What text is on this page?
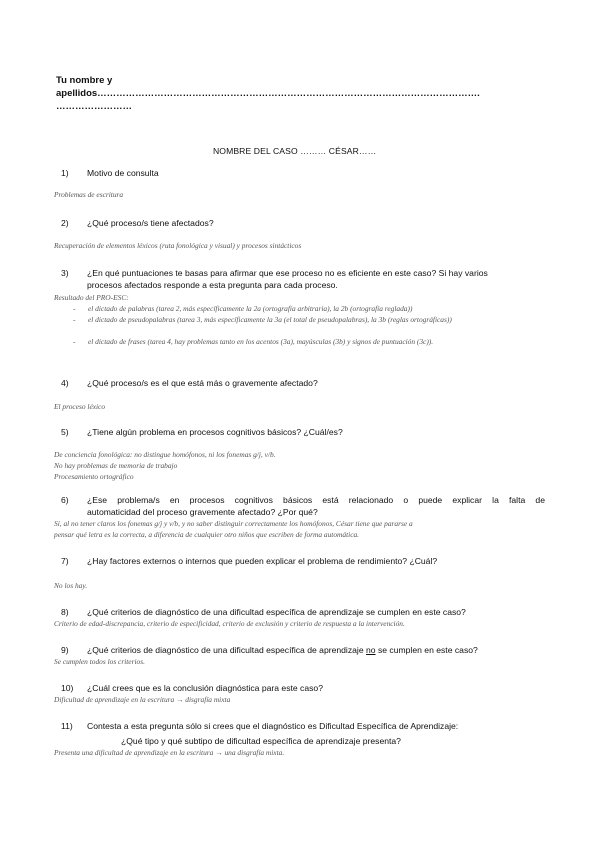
Tu nombre y
apellidos………………………………………………………………………………………………………….
……………………
NOMBRE DEL CASO ……… CÉSAR……
1) Motivo de consulta
Problemas de escritura
2) ¿Qué proceso/s tiene afectados?
Recuperación de elementos léxicos (ruta fonológica y visual) y procesos sintácticos
3) ¿En qué puntuaciones te basas para afirmar que ese proceso no es eficiente en este caso? Si hay varios
procesos afectados responde a esta pregunta para cada proceso.
Resultado del PRO-ESC:
- el dictado de palabras (tarea 2, más específicamente la 2a (ortografía arbitraria), la 2b (ortografía reglada))
- el dictado de pseudopalabras (tarea 3, más específicamente la 3a (el total de pseudopalabras), la 3b (reglas ortográficas))
- el dictado de frases (tarea 4, hay problemas tanto en los acentos (3a), mayúsculas (3b) y signos de puntuación (3c)).
4) ¿Qué proceso/s es el que está más o gravemente afectado?
El proceso léxico
5) ¿Tiene algún problema en procesos cognitivos básicos? ¿Cuál/es?
De conciencia fonológica: no distingue homófonos, ni los fonemas g/j, v/b.
No hay problemas de memoria de trabajo
Procesamiento ortográfico
6) ¿Ese problema/s en procesos cognitivos básicos está relacionado o puede explicar la falta de
automaticidad del proceso gravemente afectado? ¿Por qué?
Sí, al no tener claros los fonemas g/j y v/b, y no saber distinguir correctamente los homófonos, César tiene que pararse a
pensar qué letra es la correcta, a diferencia de cualquier otro niños que escriben de forma automática.
7) ¿Hay factores externos o internos que pueden explicar el problema de rendimiento? ¿Cuál?
No los hay.
8) ¿Qué criterios de diagnóstico de una dificultad específica de aprendizaje se cumplen en este caso?
Criterio de edad-discrepancia, criterio de especificidad, criterio de exclusión y criterio de respuesta a la intervención.
9) ¿Qué criterios de diagnóstico de una dificultad específica de aprendizaje no se cumplen en este caso?
Se cumplen todos los criterios.
10) ¿Cuál crees que es la conclusión diagnóstica para este caso?
Dificultad de aprendizaje en la escritura → disgrafía mixta
11) Contesta a esta pregunta sólo si crees que el diagnóstico es Dificultad Específica de Aprendizaje:
¿Qué tipo y qué subtipo de dificultad específica de aprendizaje presenta?
Presenta una dificultad de aprendizaje en la escritura → una disgrafía mixta.
